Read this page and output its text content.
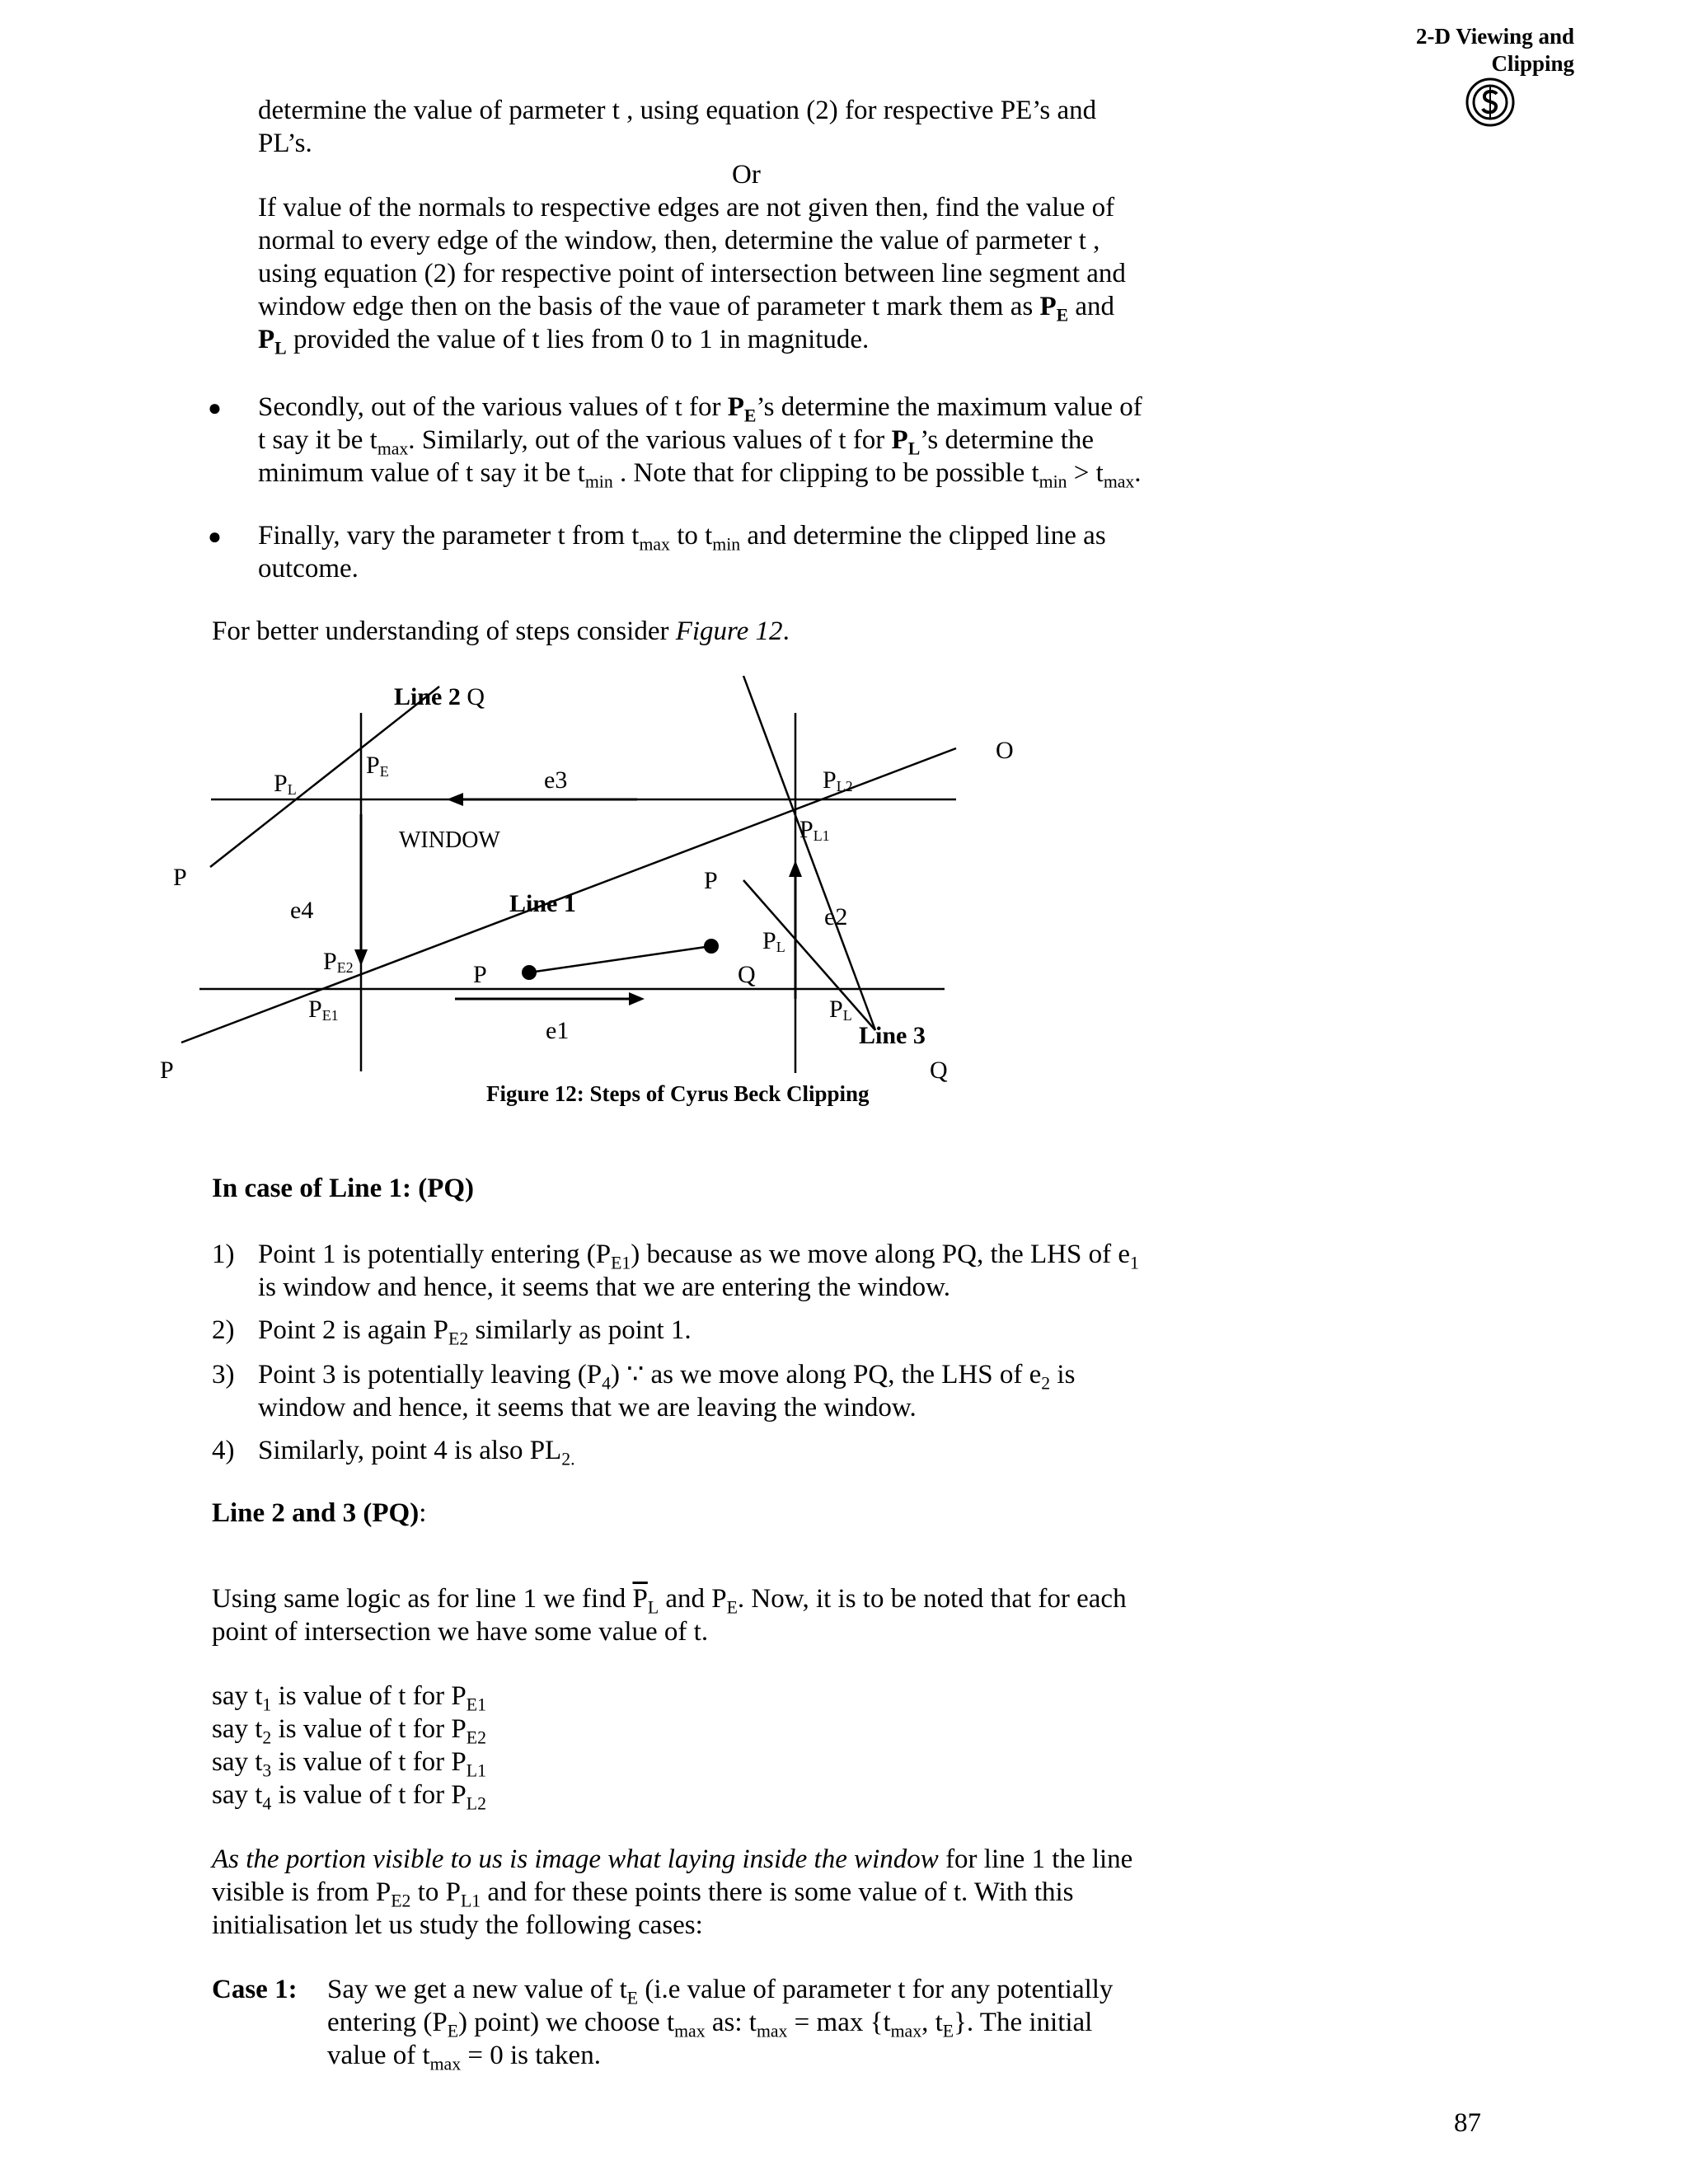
2-D Viewing and
Clipping
determine the value of parmeter t , using equation (2) for respective PE’s and
PL’s.
Or
If value of the normals to respective edges are not given then, find the value of
normal to every edge of the window, then, determine the value of parmeter t ,
using equation (2) for respective point of intersection between line segment and
window edge then on the basis of the vaue of parameter t mark them as $P_E$ and
$P_L$ provided the value of t lies from 0 to 1 in magnitude.
● Secondly, out of the various values of t for $P_E’s$ determine the maximum value of
t say it be $t_{max}$. Similarly, out of the various values of t for $P_L’s$ determine the
minimum value of t say it be $t_{min}$ . Note that for clipping to be possible $t_{min} > t_{max}$.
● Finally, vary the parameter t from $t_{max}$ to $t_{min}$ and determine the clipped line as
outcome.
For better understanding of steps consider Figure 12.
Line 2 Q
PL
PE	e3	PL2
O
WINDOW	PL1
P
e4	Line 1
P
PL
e2
PE2	P	Q
PE1
e1
PL
Line 3
P	Q
Figure 12: Steps of Cyrus Beck Clipping
In case of Line 1: (PQ)
1) Point 1 is potentially entering $(P_{E1})$ because as we move along PQ, the LHS of $e_1$
is window and hence, it seems that we are entering the window.
2) Point 2 is again $P_{E2}$ similarly as point 1.
3) Point 3 is potentially leaving $(P_4)$ ∵ as we move along PQ, the LHS of $e_2$ is
window and hence, it seems that we are leaving the window.
4) Similarly, point 4 is also $PL_{2.}$
Line 2 and 3 (PQ):
Using same logic as for line 1 we find $\overline{P}_L$ and $P_E$. Now, it is to be noted that for each
point of intersection we have some value of t.
say $t_1$ is value of t for $P_{E1}$
say $t_2$ is value of t for $P_{E2}$
say $t_3$ is value of t for $P_{L1}$
say $t_4$ is value of t for $P_{L2}$
As the portion visible to us is image what laying inside the window for line 1 the line
visible is from $P_{E2}$ to $P_{L1}$ and for these points there is some value of t. With this
initialisation let us study the following cases:
Case 1: Say we get a new value of $t_E$ (i.e value of parameter t for any potentially
entering $(P_E)$ point) we choose $t_{max}$ as: $t_{max} = \max \{t_{max}$, $t_E$}. The initial
value of $t_{max} = 0$ is taken.
87
